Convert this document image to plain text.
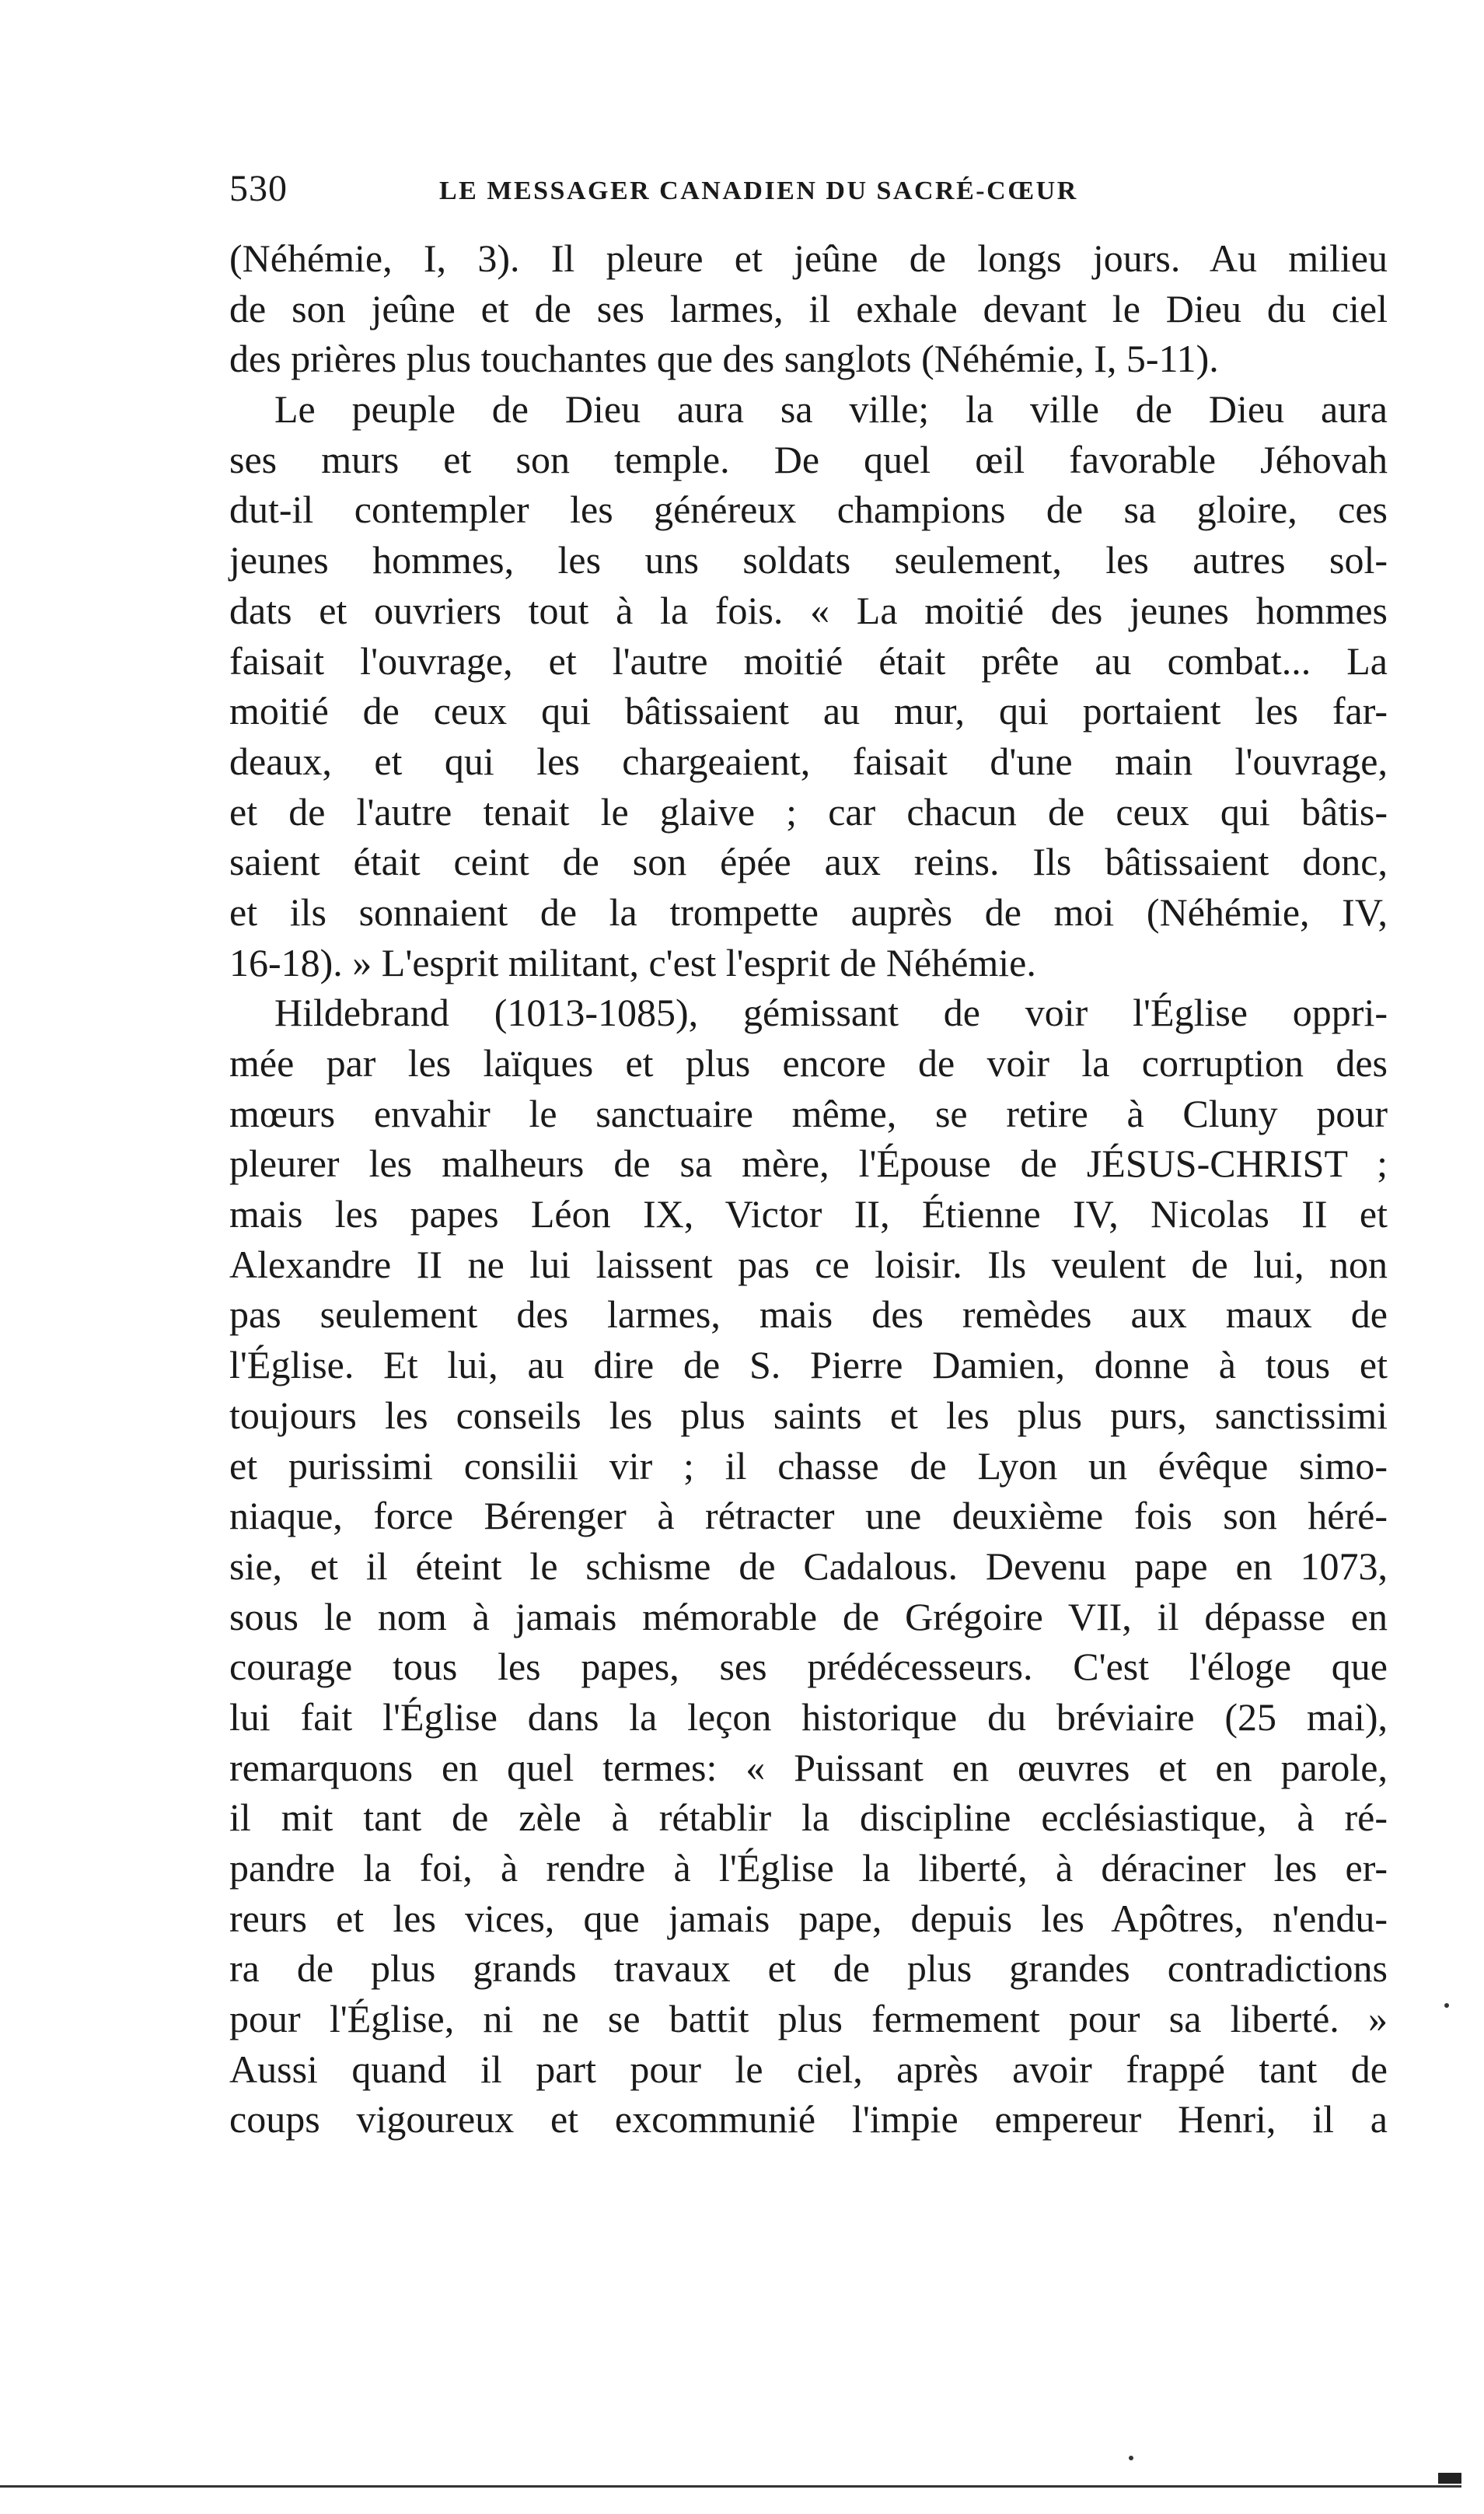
530	LE MESSAGER CANADIEN DU SACRÉ-CŒUR
(Néhémie, I, 3). Il pleure et jeûne de longs jours. Au milieu
de son jeûne et de ses larmes, il exhale devant le Dieu du ciel
des prières plus touchantes que des sanglots (Néhémie, I, 5-11).
Le peuple de Dieu aura sa ville; la ville de Dieu aura
ses murs et son temple. De quel œil favorable Jéhovah
dut-il contempler les généreux champions de sa gloire, ces
jeunes hommes, les uns soldats seulement, les autres sol-
dats et ouvriers tout à la fois. « La moitié des jeunes hommes
faisait l'ouvrage, et l'autre moitié était prête au combat... La
moitié de ceux qui bâtissaient au mur, qui portaient les far-
deaux, et qui les chargeaient, faisait d'une main l'ouvrage,
et de l'autre tenait le glaive ; car chacun de ceux qui bâtis-
saient était ceint de son épée aux reins. Ils bâtissaient donc,
et ils sonnaient de la trompette auprès de moi (Néhémie, IV,
16-18). » L'esprit militant, c'est l'esprit de Néhémie.
Hildebrand (1013-1085), gémissant de voir l'Église oppri-
mée par les laïques et plus encore de voir la corruption des
mœurs envahir le sanctuaire même, se retire à Cluny pour
pleurer les malheurs de sa mère, l'Épouse de JÉSUS-CHRIST ;
mais les papes Léon IX, Victor II, Étienne IV, Nicolas II et
Alexandre II ne lui laissent pas ce loisir. Ils veulent de lui, non
pas seulement des larmes, mais des remèdes aux maux de
l'Église. Et lui, au dire de S. Pierre Damien, donne à tous et
toujours les conseils les plus saints et les plus purs, sanctissimi
et purissimi consilii vir ; il chasse de Lyon un évêque simo-
niaque, force Bérenger à rétracter une deuxième fois son héré-
sie, et il éteint le schisme de Cadalous. Devenu pape en 1073,
sous le nom à jamais mémorable de Grégoire VII, il dépasse en
courage tous les papes, ses prédécesseurs. C'est l'éloge que
lui fait l'Église dans la leçon historique du bréviaire (25 mai),
remarquons en quel termes: « Puissant en œuvres et en parole,
il mit tant de zèle à rétablir la discipline ecclésiastique, à ré-
pandre la foi, à rendre à l'Église la liberté, à déraciner les er-
reurs et les vices, que jamais pape, depuis les Apôtres, n'endu-
ra de plus grands travaux et de plus grandes contradictions
pour l'Église, ni ne se battit plus fermement pour sa liberté. »
Aussi quand il part pour le ciel, après avoir frappé tant de
coups vigoureux et excommunié l'impie empereur Henri, il a
